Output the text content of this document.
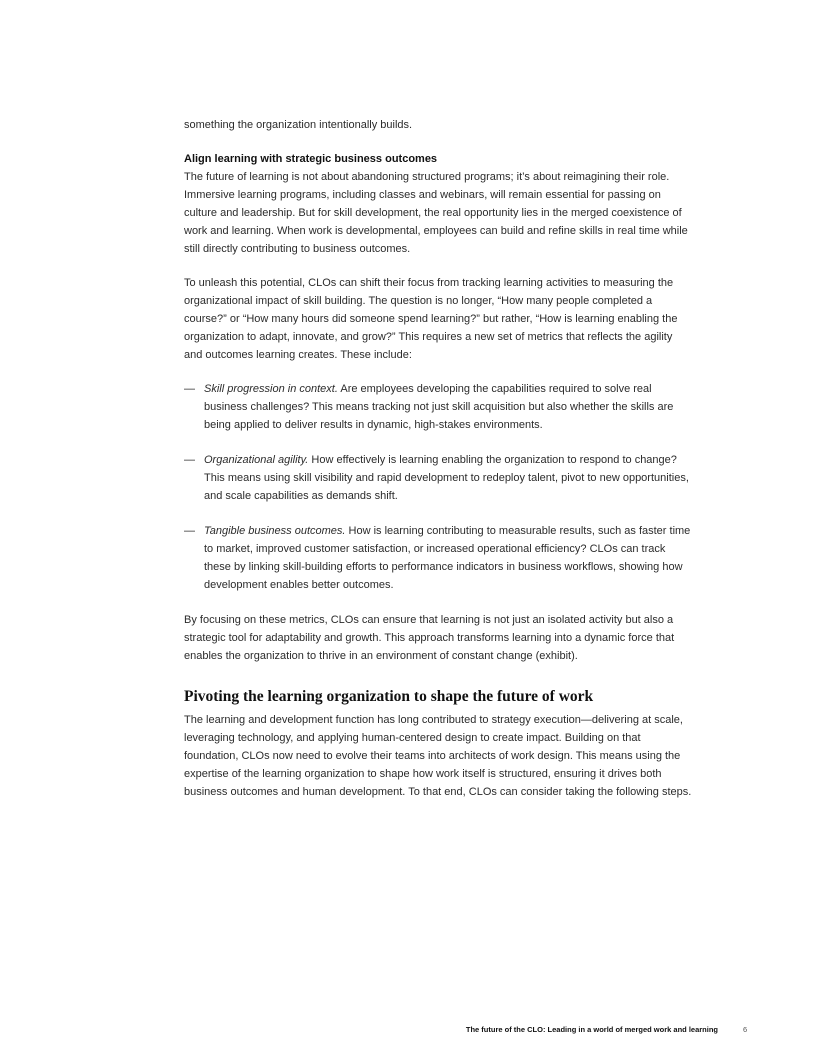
something the organization intentionally builds.

Align learning with strategic business outcomes

The future of learning is not about abandoning structured programs; it’s about reimagining their role. Immersive learning programs, including classes and webinars, will remain essential for passing on culture and leadership. But for skill development, the real opportunity lies in the merged coexistence of work and learning. When work is developmental, employees can build and refine skills in real time while still directly contributing to business outcomes.

To unleash this potential, CLOs can shift their focus from tracking learning activities to measuring the organizational impact of skill building. The question is no longer, “How many people completed a course?” or “How many hours did someone spend learning?” but rather, “How is learning enabling the organization to adapt, innovate, and grow?” This requires a new set of metrics that reflects the agility and outcomes learning creates. These include:

— Skill progression in context. Are employees developing the capabilities required to solve real business challenges? This means tracking not just skill acquisition but also whether the skills are being applied to deliver results in dynamic, high-stakes environments.
— Organizational agility. How effectively is learning enabling the organization to respond to change? This means using skill visibility and rapid development to redeploy talent, pivot to new opportunities, and scale capabilities as demands shift.
— Tangible business outcomes. How is learning contributing to measurable results, such as faster time to market, improved customer satisfaction, or increased operational efficiency? CLOs can track these by linking skill-building efforts to performance indicators in business workflows, showing how development enables better outcomes.

By focusing on these metrics, CLOs can ensure that learning is not just an isolated activity but also a strategic tool for adaptability and growth. This approach transforms learning into a dynamic force that enables the organization to thrive in an environment of constant change (exhibit).

Pivoting the learning organization to shape the future of work

The learning and development function has long contributed to strategy execution—delivering at scale, leveraging technology, and applying human-centered design to create impact. Building on that foundation, CLOs now need to evolve their teams into architects of work design. This means using the expertise of the learning organization to shape how work itself is structured, ensuring it drives both business outcomes and human development. To that end, CLOs can consider taking the following steps.

The future of the CLO: Leading in a world of merged work and learning	6
